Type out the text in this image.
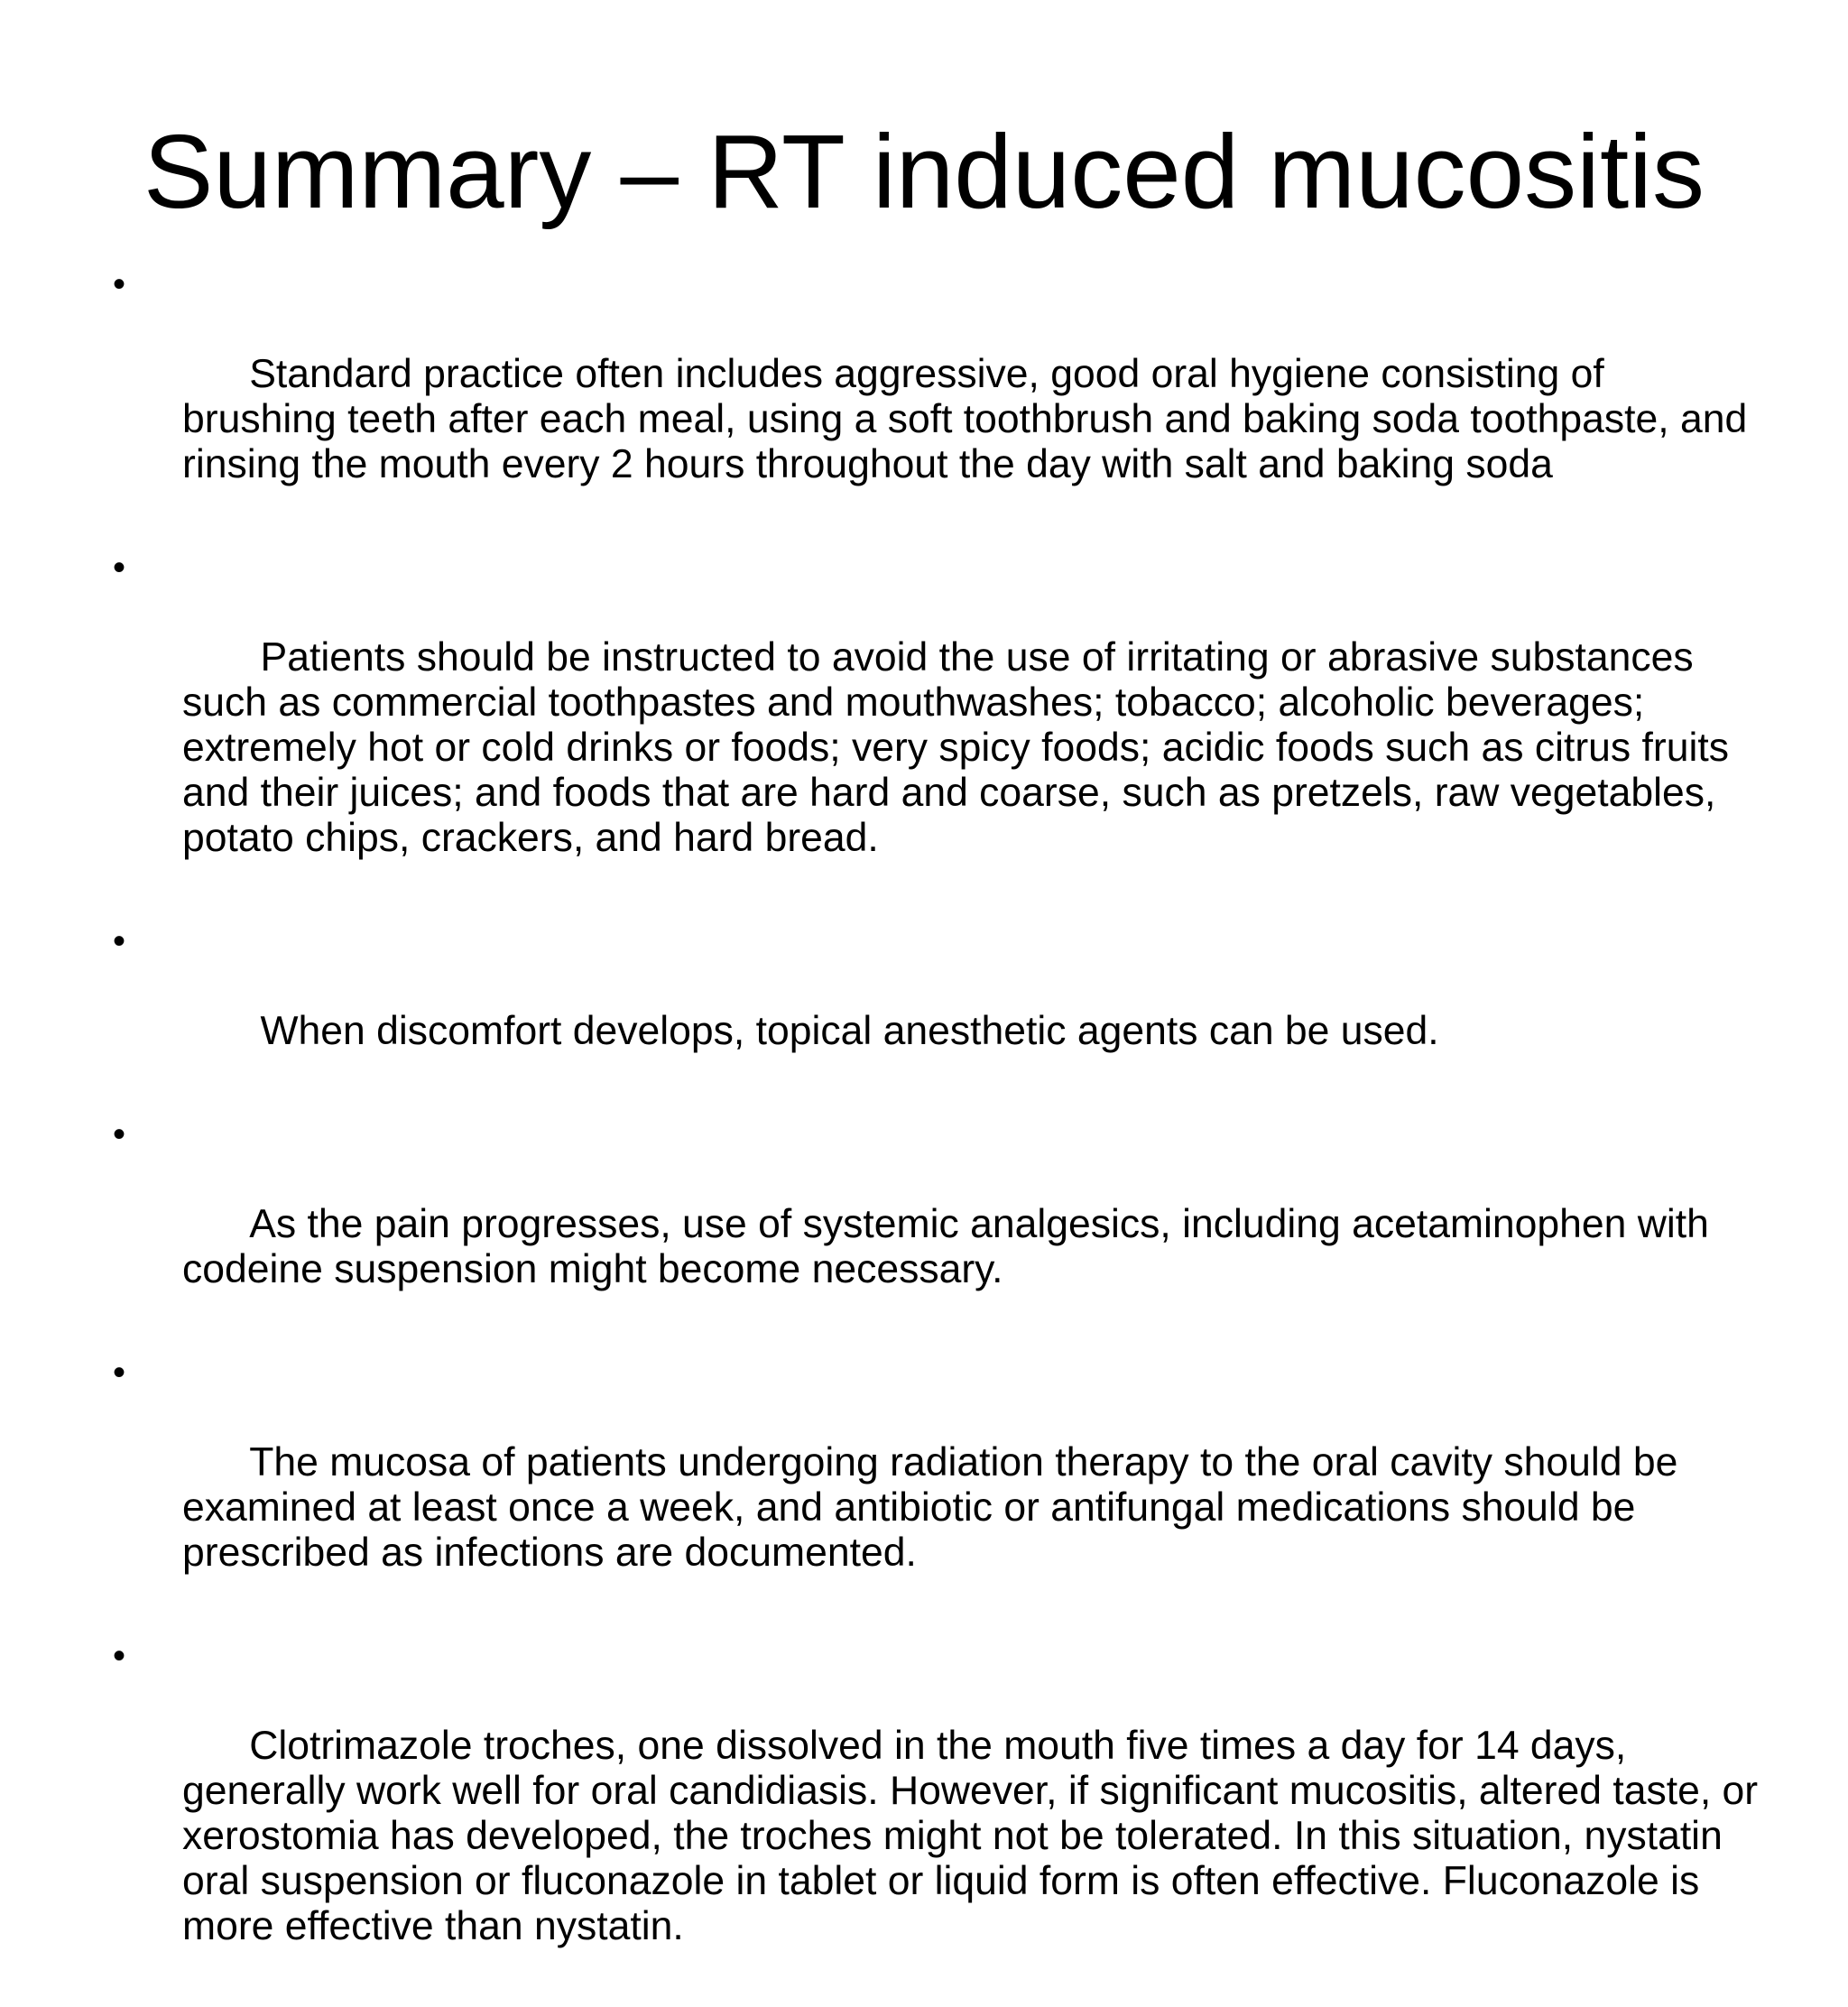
Summary – RT induced mucositis

•

Standard practice often includes aggressive, good oral hygiene consisting of brushing teeth after each meal, using a soft toothbrush and baking soda toothpaste, and rinsing the mouth every 2 hours throughout the day with salt and baking soda

•

Patients should be instructed to avoid the use of irritating or abrasive substances such as commercial toothpastes and mouthwashes; tobacco; alcoholic beverages; extremely hot or cold drinks or foods; very spicy foods; acidic foods such as citrus fruits and their juices; and foods that are hard and coarse, such as pretzels, raw vegetables, potato chips, crackers, and hard bread.

•

When discomfort develops, topical anesthetic agents can be used.

•

As the pain progresses, use of systemic analgesics, including acetaminophen with codeine suspension might become necessary.

•

The mucosa of patients undergoing radiation therapy to the oral cavity should be examined at least once a week, and antibiotic or antifungal medications should be prescribed as infections are documented.

•

Clotrimazole troches, one dissolved in the mouth five times a day for 14 days, generally work well for oral candidiasis. However, if significant mucositis, altered taste, or xerostomia has developed, the troches might not be tolerated. In this situation, nystatin oral suspension or fluconazole in tablet or liquid form is often effective. Fluconazole is more effective than nystatin.
